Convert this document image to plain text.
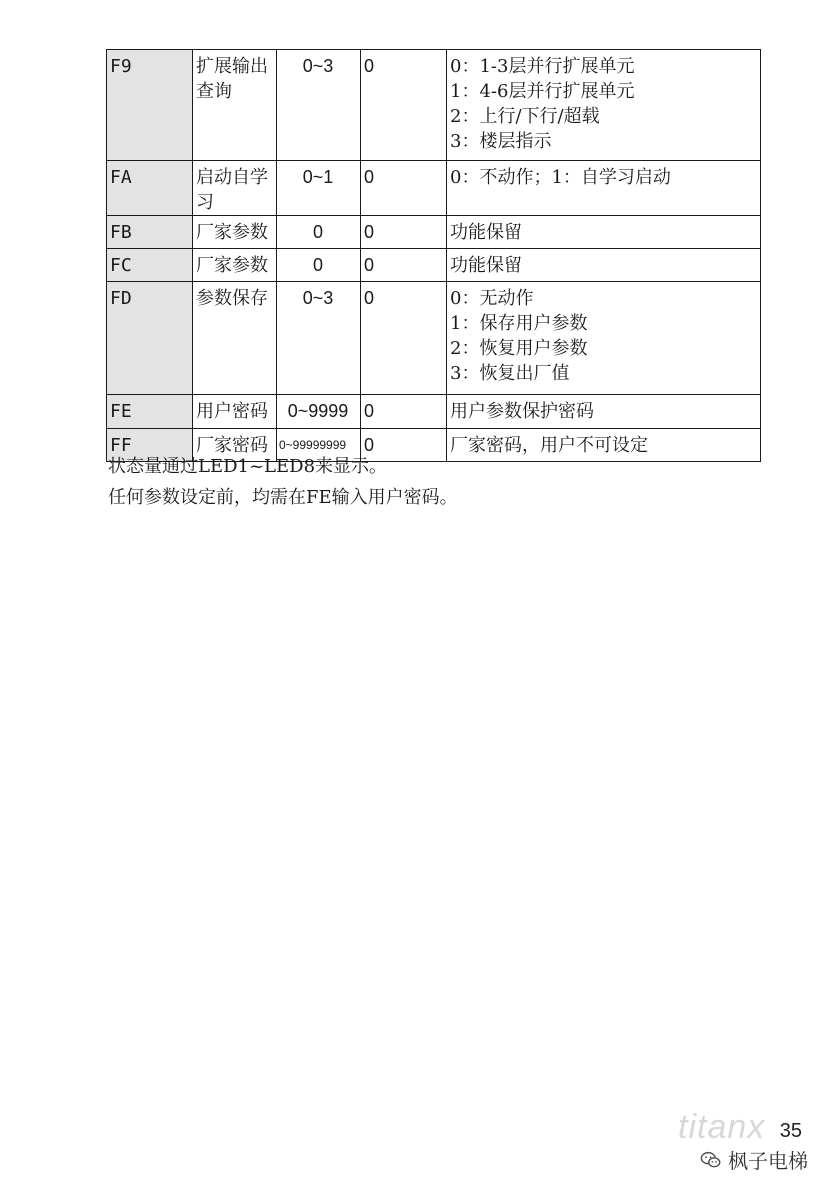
F9	扩展输出查询	0~3	0	0：1-3层并行扩展单元
1：4-6层并行扩展单元
2：上行/下行/超载
3：楼层指示

FA	启动自学习	0~1	0	0：不动作；1：自学习启动

FB	厂家参数	0	0	功能保留

FC	厂家参数	0	0	功能保留

FD	参数保存	0~3	0	0：无动作
1：保存用户参数
2：恢复用户参数
3：恢复出厂值

FE	用户密码	0~9999	0	用户参数保护密码

FF	厂家密码	0~99999999	0	厂家密码，用户不可设定
状态量通过LED1~LED8来显示。
任何参数设定前，均需在FE输入用户密码。
titanx 35
枫子电梯
